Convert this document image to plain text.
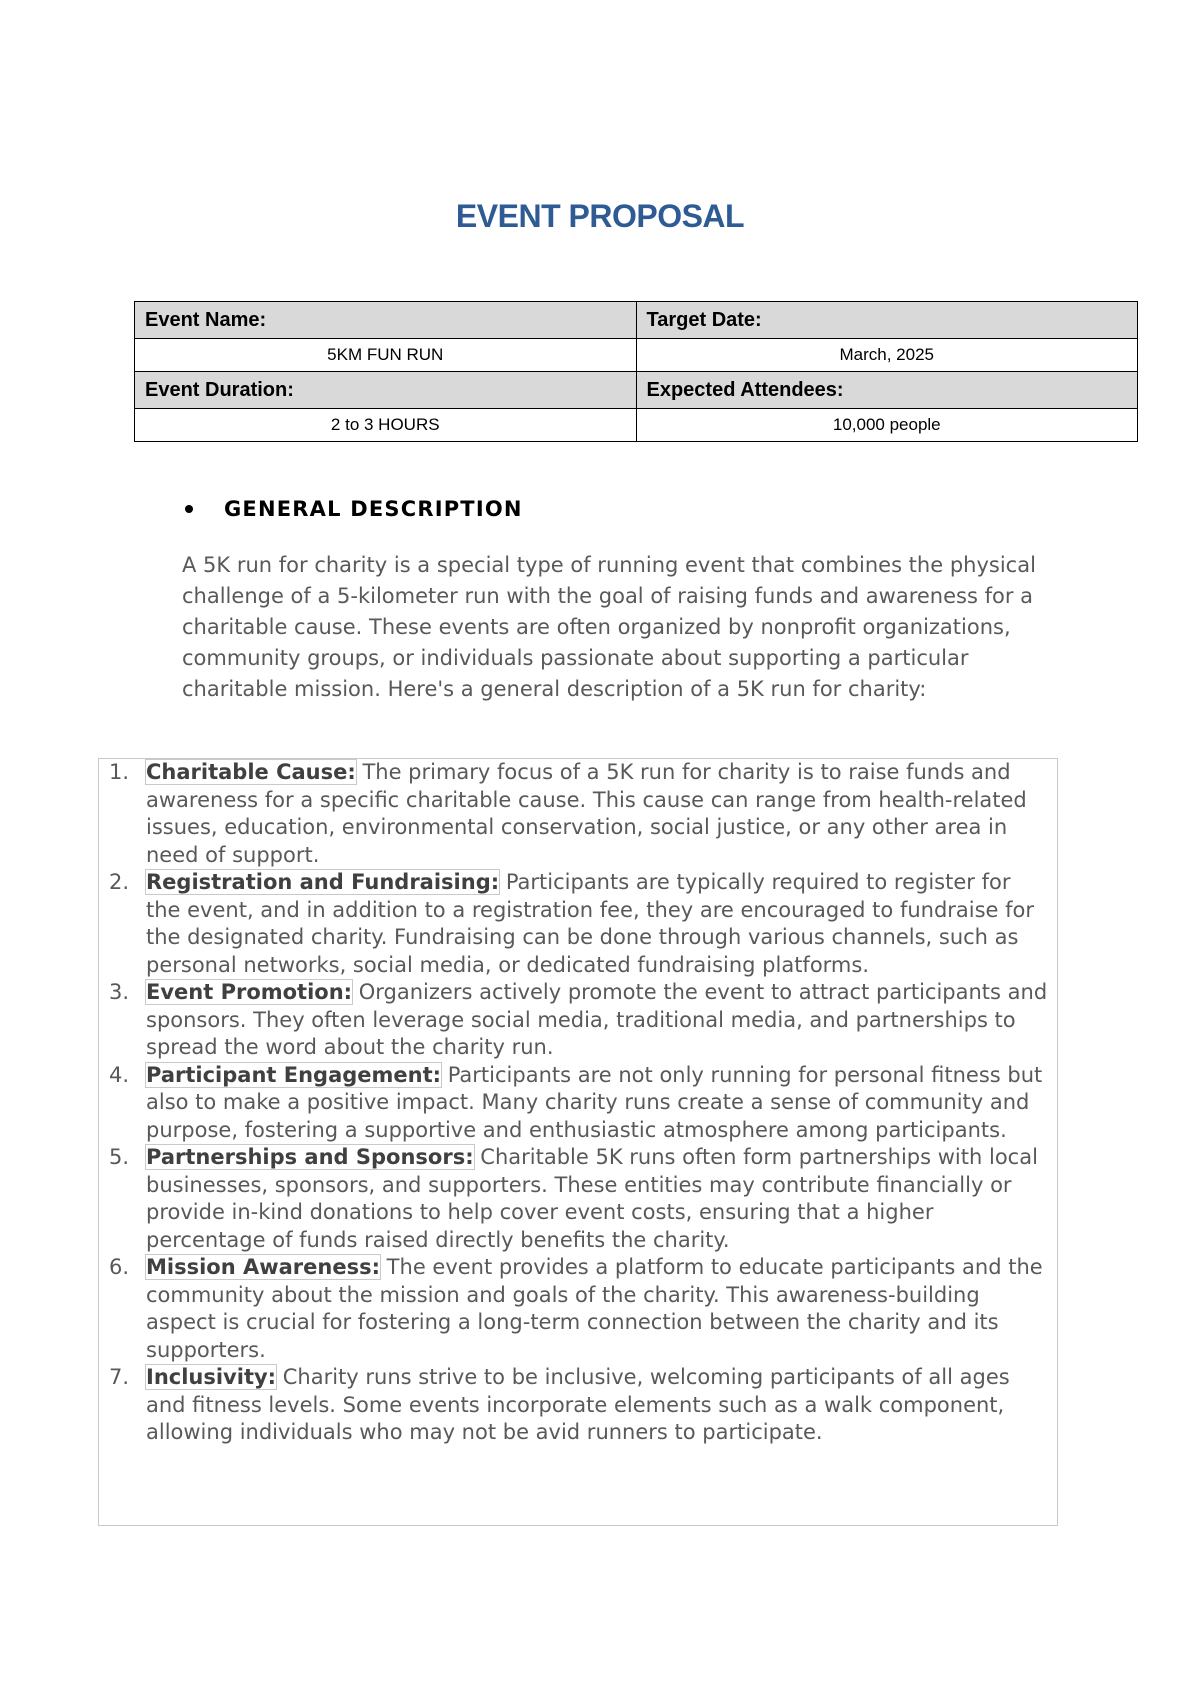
EVENT PROPOSAL
Event Name:	Target Date:
5KM FUN RUN	March, 2025
Event Duration:	Expected Attendees:
2 to 3 HOURS	10,000 people
GENERAL DESCRIPTION

A 5K run for charity is a special type of running event that combines the physical challenge of a 5-kilometer run with the goal of raising funds and awareness for a charitable cause. These events are often organized by nonprofit organizations, community groups, or individuals passionate about supporting a particular charitable mission. Here's a general description of a 5K run for charity:

1. Charitable Cause: The primary focus of a 5K run for charity is to raise funds and awareness for a specific charitable cause. This cause can range from health-related issues, education, environmental conservation, social justice, or any other area in need of support.
2. Registration and Fundraising: Participants are typically required to register for the event, and in addition to a registration fee, they are encouraged to fundraise for the designated charity. Fundraising can be done through various channels, such as personal networks, social media, or dedicated fundraising platforms.
3. Event Promotion: Organizers actively promote the event to attract participants and sponsors. They often leverage social media, traditional media, and partnerships to spread the word about the charity run.
4. Participant Engagement: Participants are not only running for personal fitness but also to make a positive impact. Many charity runs create a sense of community and purpose, fostering a supportive and enthusiastic atmosphere among participants.
5. Partnerships and Sponsors: Charitable 5K runs often form partnerships with local businesses, sponsors, and supporters. These entities may contribute financially or provide in-kind donations to help cover event costs, ensuring that a higher percentage of funds raised directly benefits the charity.
6. Mission Awareness: The event provides a platform to educate participants and the community about the mission and goals of the charity. This awareness-building aspect is crucial for fostering a long-term connection between the charity and its supporters.
7. Inclusivity: Charity runs strive to be inclusive, welcoming participants of all ages and fitness levels. Some events incorporate elements such as a walk component, allowing individuals who may not be avid runners to participate.
